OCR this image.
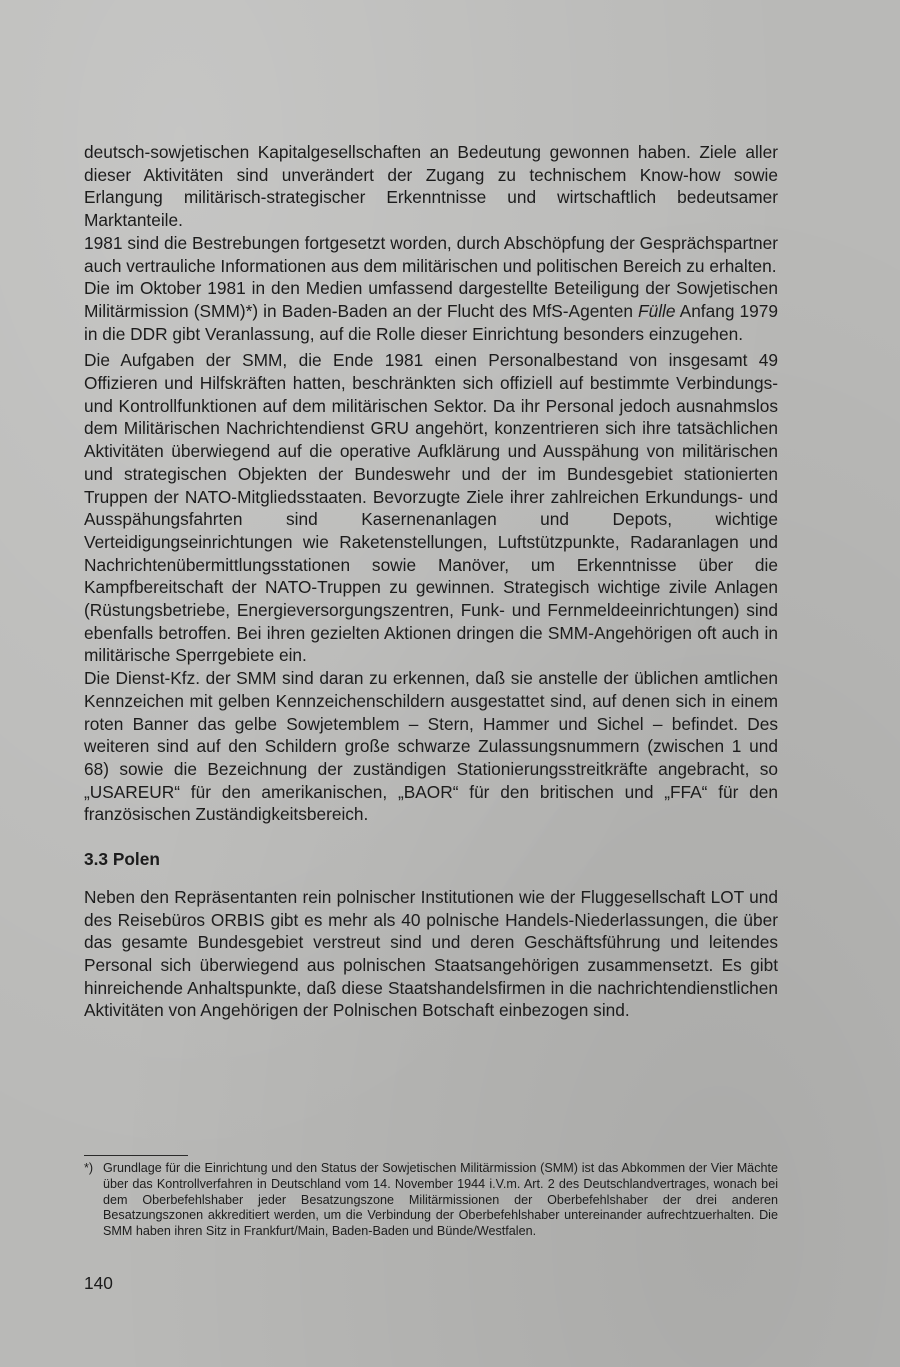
deutsch-sowjetischen Kapitalgesellschaften an Bedeutung gewonnen haben. Ziele aller dieser Aktivitäten sind unverändert der Zugang zu technischem Know-how sowie Erlangung militärisch-strategischer Erkenntnisse und wirtschaftlich bedeutsamer Marktanteile.

1981 sind die Bestrebungen fortgesetzt worden, durch Abschöpfung der Gesprächspartner auch vertrauliche Informationen aus dem militärischen und politischen Bereich zu erhalten.

Die im Oktober 1981 in den Medien umfassend dargestellte Beteiligung der Sowjetischen Militärmission (SMM)*) in Baden-Baden an der Flucht des MfS-Agenten Fülle Anfang 1979 in die DDR gibt Veranlassung, auf die Rolle dieser Einrichtung besonders einzugehen.

Die Aufgaben der SMM, die Ende 1981 einen Personalbestand von insgesamt 49 Offizieren und Hilfskräften hatten, beschränkten sich offiziell auf bestimmte Verbindungs- und Kontrollfunktionen auf dem militärischen Sektor. Da ihr Personal jedoch ausnahmslos dem Militärischen Nachrichtendienst GRU angehört, konzentrieren sich ihre tatsächlichen Aktivitäten überwiegend auf die operative Aufklärung und Ausspähung von militärischen und strategischen Objekten der Bundeswehr und der im Bundesgebiet stationierten Truppen der NATO-Mitgliedsstaaten. Bevorzugte Ziele ihrer zahlreichen Erkundungs- und Ausspähungsfahrten sind Kasernenanlagen und Depots, wichtige Verteidigungseinrichtungen wie Raketenstellungen, Luftstützpunkte, Radaranlagen und Nachrichtenübermittlungsstationen sowie Manöver, um Erkenntnisse über die Kampfbereitschaft der NATO-Truppen zu gewinnen. Strategisch wichtige zivile Anlagen (Rüstungsbetriebe, Energieversorgungszentren, Funk- und Fernmeldeeinrichtungen) sind ebenfalls betroffen. Bei ihren gezielten Aktionen dringen die SMM-Angehörigen oft auch in militärische Sperrgebiete ein.

Die Dienst-Kfz. der SMM sind daran zu erkennen, daß sie anstelle der üblichen amtlichen Kennzeichen mit gelben Kennzeichenschildern ausgestattet sind, auf denen sich in einem roten Banner das gelbe Sowjetemblem – Stern, Hammer und Sichel – befindet. Des weiteren sind auf den Schildern große schwarze Zulassungsnummern (zwischen 1 und 68) sowie die Bezeichnung der zuständigen Stationierungsstreitkräfte angebracht, so „USAREUR“ für den amerikanischen, „BAOR“ für den britischen und „FFA“ für den französischen Zuständigkeitsbereich.

3.3 Polen

Neben den Repräsentanten rein polnischer Institutionen wie der Fluggesellschaft LOT und des Reisebüros ORBIS gibt es mehr als 40 polnische Handels-Niederlassungen, die über das gesamte Bundesgebiet verstreut sind und deren Geschäftsführung und leitendes Personal sich überwiegend aus polnischen Staatsangehörigen zusammensetzt. Es gibt hinreichende Anhaltspunkte, daß diese Staatshandelsfirmen in die nachrichtendienstlichen Aktivitäten von Angehörigen der Polnischen Botschaft einbezogen sind.

*) Grundlage für die Einrichtung und den Status der Sowjetischen Militärmission (SMM) ist das Abkommen der Vier Mächte über das Kontrollverfahren in Deutschland vom 14. November 1944 i.V.m. Art. 2 des Deutschlandvertrages, wonach bei dem Oberbefehlshaber jeder Besatzungszone Militärmissionen der Oberbefehlshaber der drei anderen Besatzungszonen akkreditiert werden, um die Verbindung der Oberbefehlshaber untereinander aufrechtzuerhalten. Die SMM haben ihren Sitz in Frankfurt/Main, Baden-Baden und Bünde/Westfalen.
140
